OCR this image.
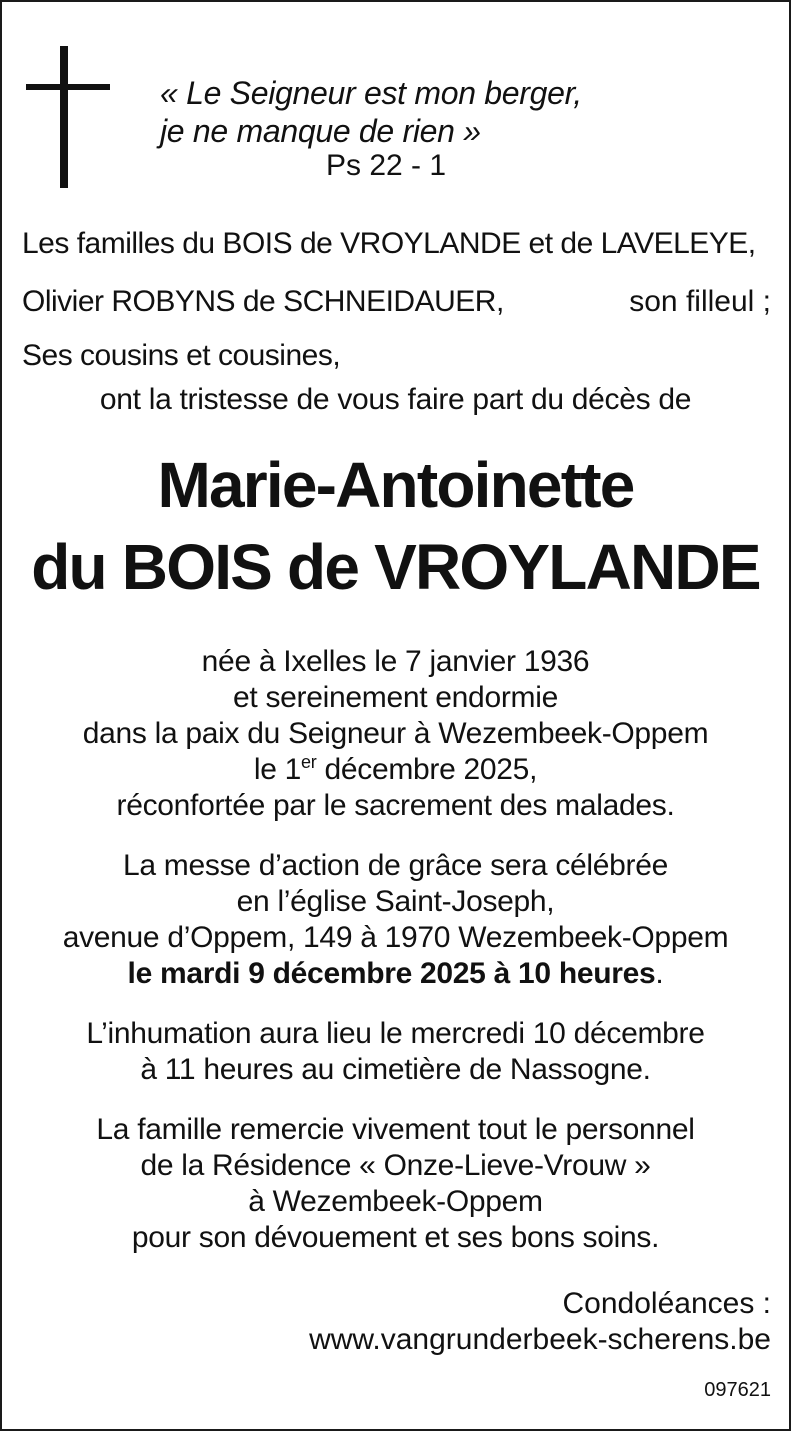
« Le Seigneur est mon berger,
je ne manque de rien »
Ps 22 - 1
Les familles du BOIS de VROYLANDE et de LAVELEYE,
Olivier ROBYNS de SCHNEIDAUER,	son filleul ;
Ses cousins et cousines,
ont la tristesse de vous faire part du décès de
Marie-Antoinette
du BOIS de VROYLANDE
née à Ixelles le 7 janvier 1936
et sereinement endormie
dans la paix du Seigneur à Wezembeek-Oppem
le 1er décembre 2025,
réconfortée par le sacrement des malades.
La messe d’action de grâce sera célébrée
en l’église Saint-Joseph,
avenue d’Oppem, 149 à 1970 Wezembeek-Oppem
le mardi 9 décembre 2025 à 10 heures.
L’inhumation aura lieu le mercredi 10 décembre
à 11 heures au cimetière de Nassogne.
La famille remercie vivement tout le personnel
de la Résidence « Onze-Lieve-Vrouw »
à Wezembeek-Oppem
pour son dévouement et ses bons soins.
Condoléances :
www.vangrunderbeek-scherens.be
097621
